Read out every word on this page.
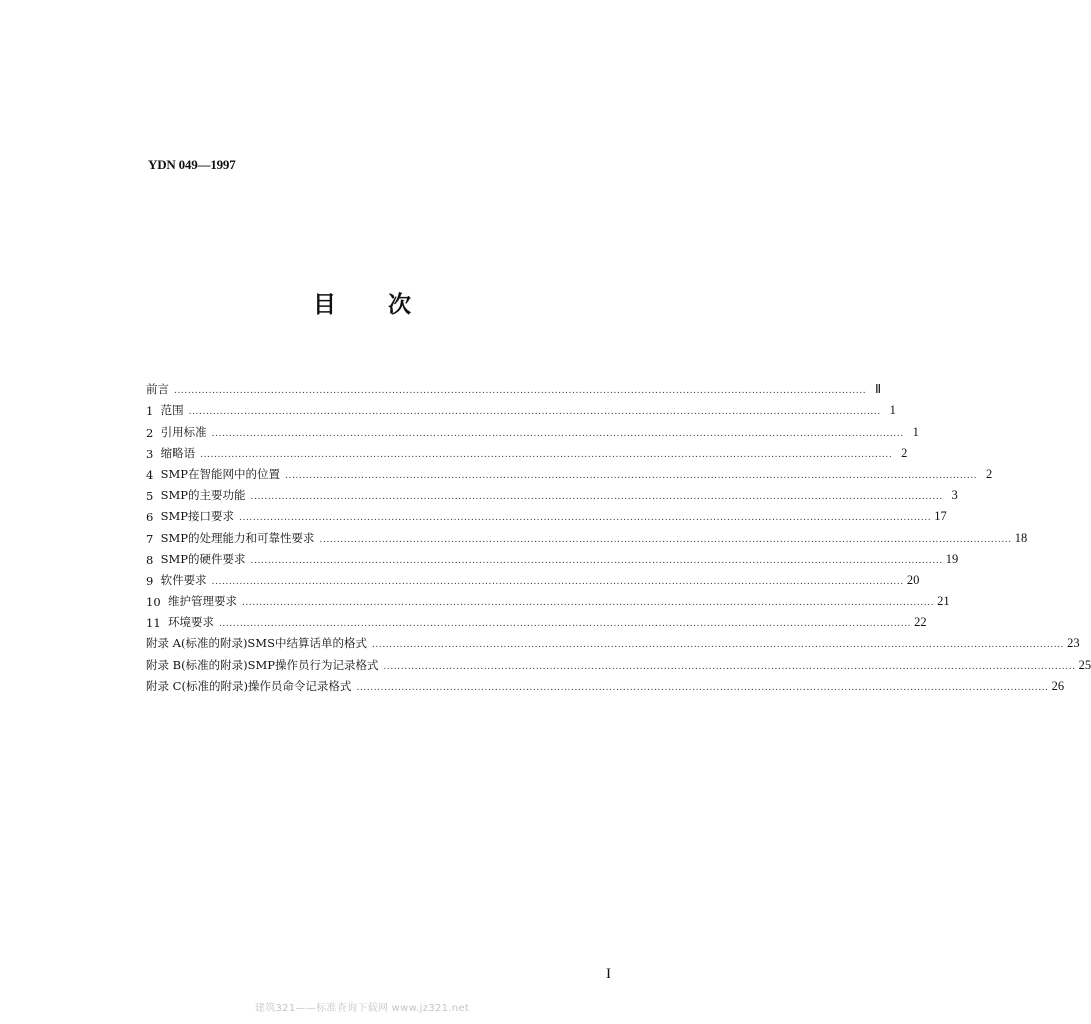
YDN 049—1997
目 次
前言 ........................................................................................................................................................................................................ Ⅱ
1 范围 ........................................................................................................................................................................................................ 1
2 引用标准 ........................................................................................................................................................................................................ 1
3 缩略语 ........................................................................................................................................................................................................ 2
4 SMP在智能网中的位置 ........................................................................................................................................................................................................ 2
5 SMP的主要功能 ........................................................................................................................................................................................................ 3
6 SMP接口要求 ........................................................................................................................................................................................................ 17
7 SMP的处理能力和可靠性要求 ........................................................................................................................................................................................................ 18
8 SMP的硬件要求 ........................................................................................................................................................................................................ 19
9 软件要求 ........................................................................................................................................................................................................ 20
10 维护管理要求 ........................................................................................................................................................................................................ 21
11 环境要求 ........................................................................................................................................................................................................ 22
附录 A(标准的附录)SMS中结算话单的格式 ........................................................................................................................................................................................................ 23
附录 B(标准的附录)SMP操作员行为记录格式 ........................................................................................................................................................................................................ 25
附录 C(标准的附录)操作员命令记录格式 ........................................................................................................................................................................................................ 26
I
建筑321——标准查询下载网 www.jz321.net
